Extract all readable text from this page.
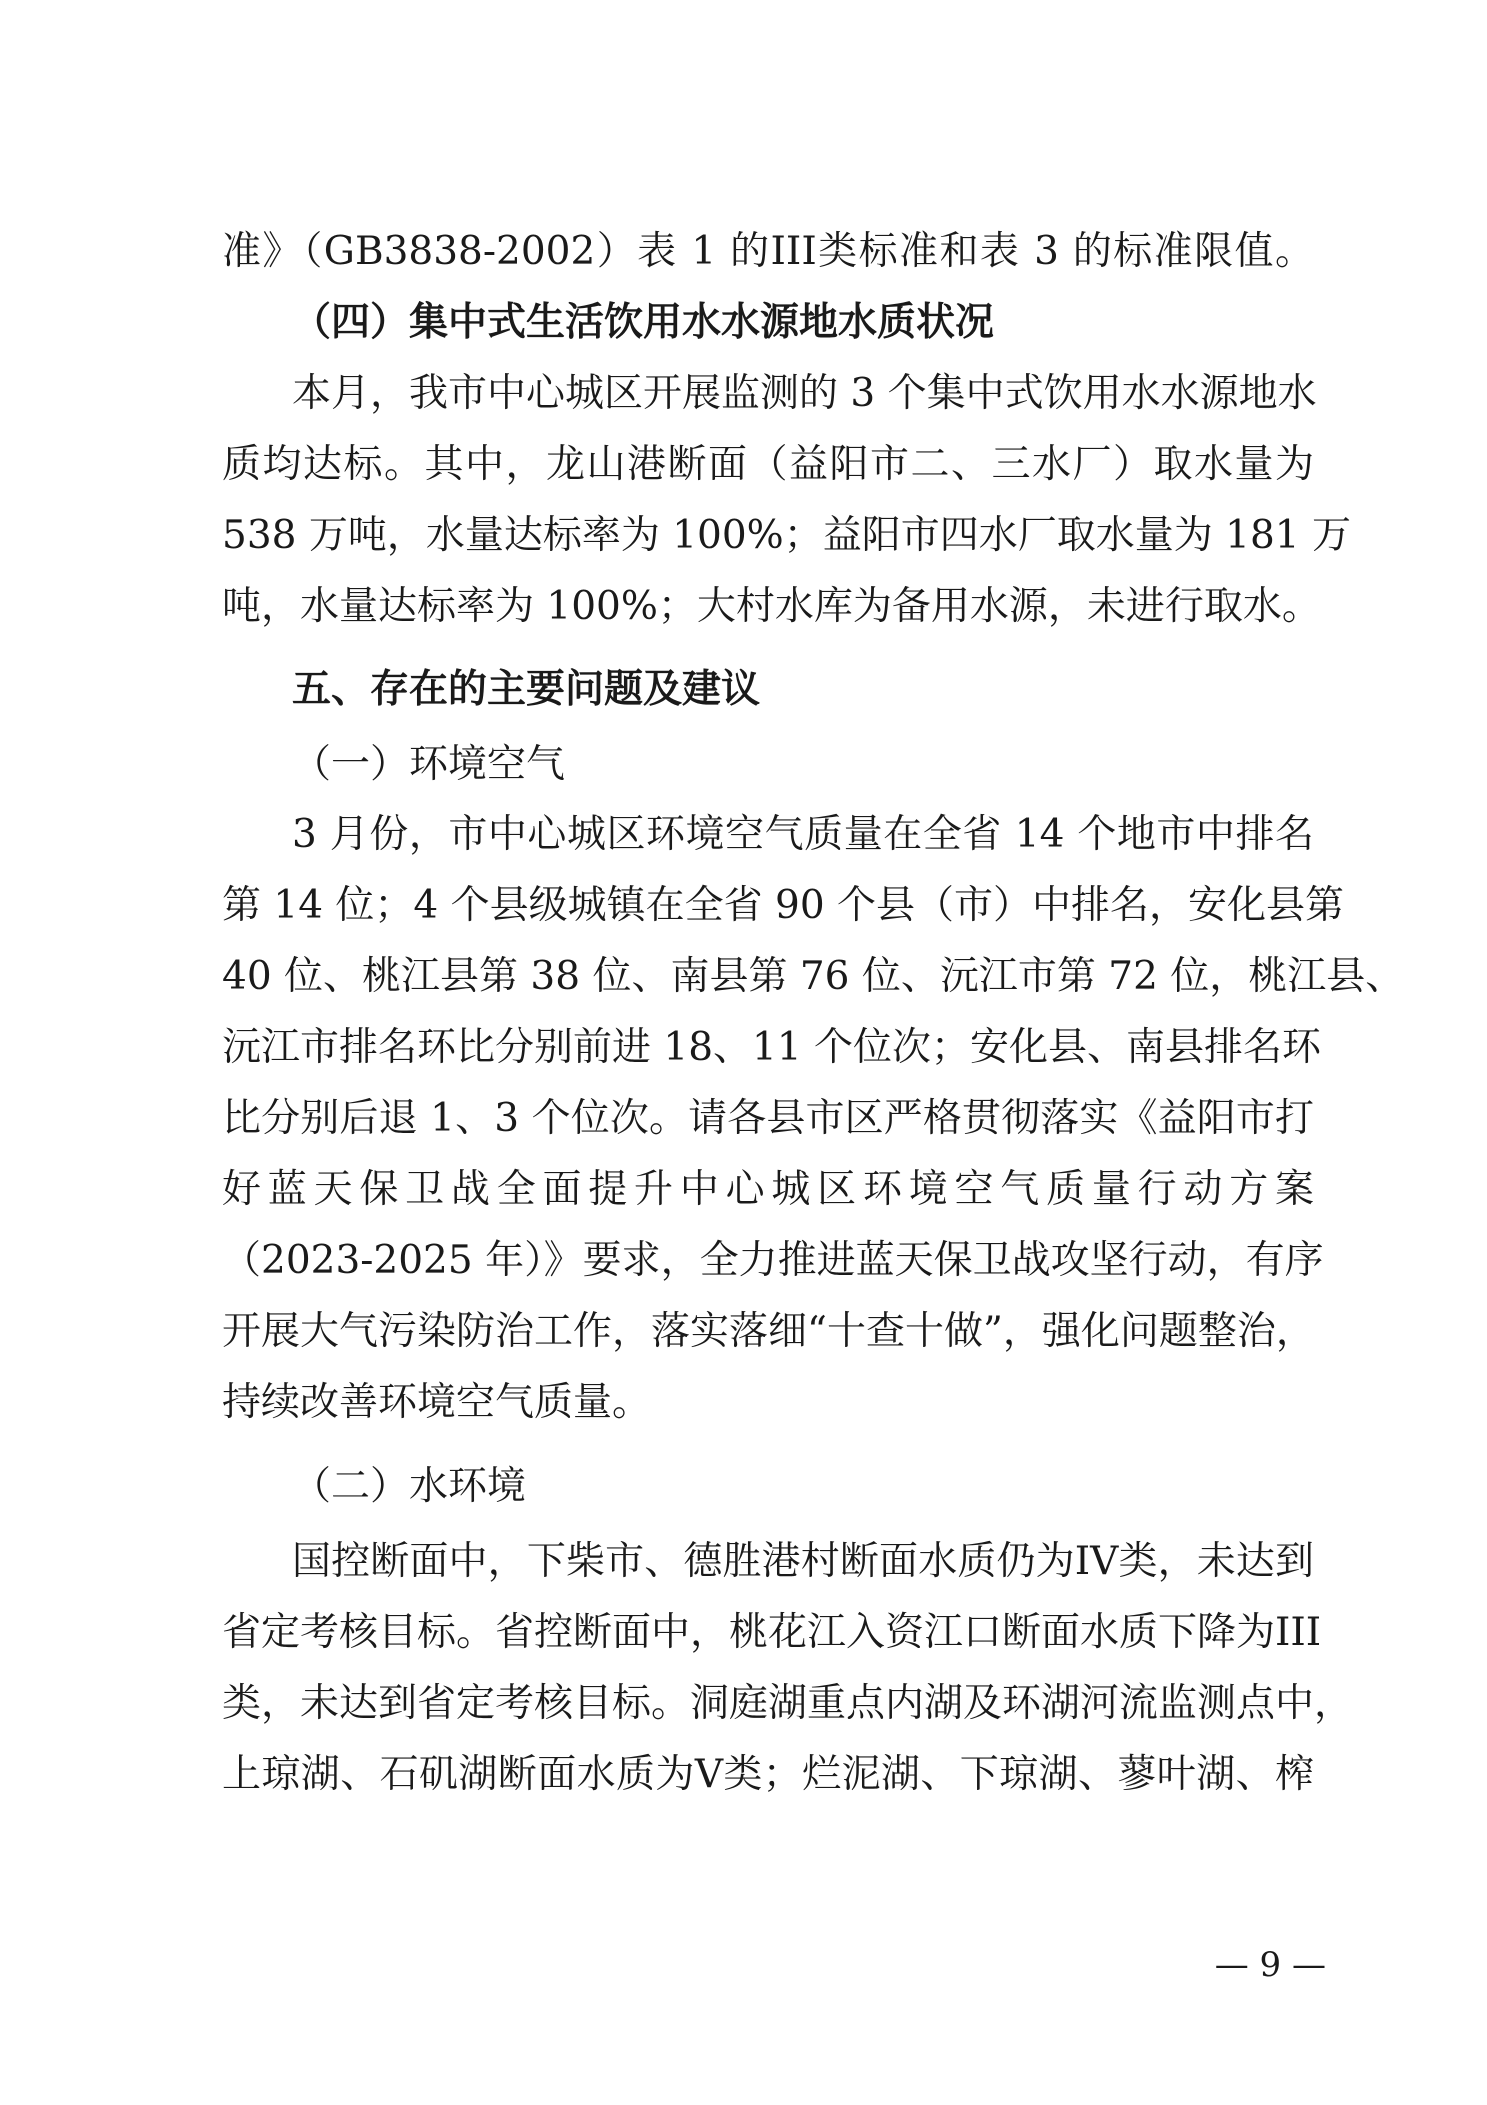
准》（GB3838-2002）表 1 的III类标准和表 3 的标准限值。
（四）集中式生活饮用水水源地水质状况
本月，我市中心城区开展监测的 3 个集中式饮用水水源地水
质均达标。其中，龙山港断面（益阳市二、三水厂）取水量为
538 万吨，水量达标率为 100%；益阳市四水厂取水量为 181 万
吨，水量达标率为 100%；大村水库为备用水源，未进行取水。
五、存在的主要问题及建议
（一）环境空气
3 月份，市中心城区环境空气质量在全省 14 个地市中排名
第 14 位；4 个县级城镇在全省 90 个县（市）中排名，安化县第
40 位、桃江县第 38 位、南县第 76 位、沅江市第 72 位，桃江县、
沅江市排名环比分别前进 18、11 个位次；安化县、南县排名环
比分别后退 1、3 个位次。请各县市区严格贯彻落实《益阳市打
好蓝天保卫战全面提升中心城区环境空气质量行动方案
（2023-2025 年）》要求，全力推进蓝天保卫战攻坚行动，有序
开展大气污染防治工作，落实落细“十查十做”，强化问题整治，
持续改善环境空气质量。
（二）水环境
国控断面中，下柴市、德胜港村断面水质仍为IV类，未达到
省定考核目标。省控断面中，桃花江入资江口断面水质下降为III
类，未达到省定考核目标。洞庭湖重点内湖及环湖河流监测点中，
上琼湖、石矶湖断面水质为V类；烂泥湖、下琼湖、蓼叶湖、榨
— 9 —
